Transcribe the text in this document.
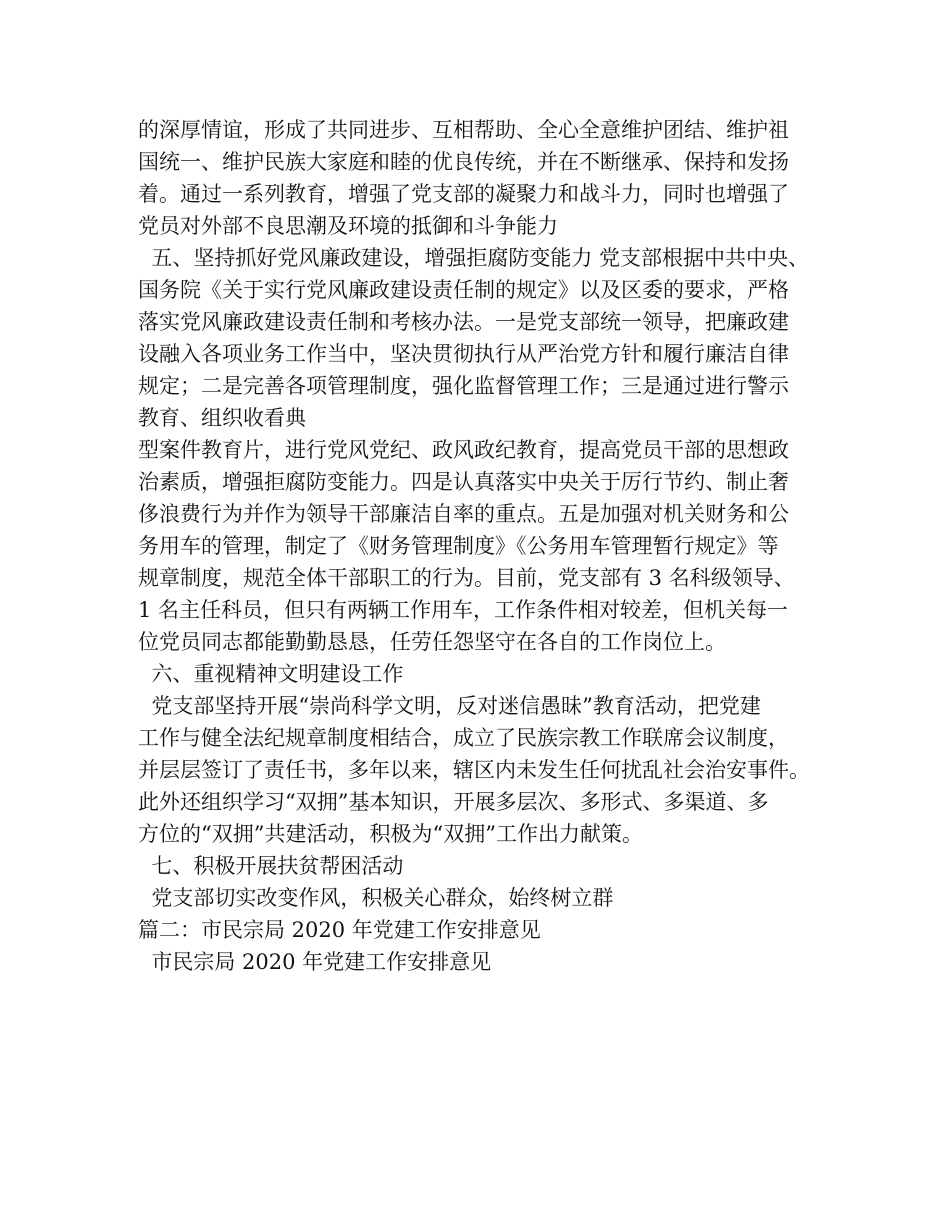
的深厚情谊，形成了共同进步、互相帮助、全心全意维护团结、维护祖
国统一、维护民族大家庭和睦的优良传统，并在不断继承、保持和发扬
着。通过一系列教育，增强了党支部的凝聚力和战斗力，同时也增强了
党员对外部不良思潮及环境的抵御和斗争能力
五、坚持抓好党风廉政建设，增强拒腐防变能力 党支部根据中共中央、
国务院《关于实行党风廉政建设责任制的规定》以及区委的要求，严格
落实党风廉政建设责任制和考核办法。一是党支部统一领导，把廉政建
设融入各项业务工作当中，坚决贯彻执行从严治党方针和履行廉洁自律
规定；二是完善各项管理制度，强化监督管理工作；三是通过进行警示
教育、组织收看典
型案件教育片，进行党风党纪、政风政纪教育，提高党员干部的思想政
治素质，增强拒腐防变能力。四是认真落实中央关于厉行节约、制止奢
侈浪费行为并作为领导干部廉洁自率的重点。五是加强对机关财务和公
务用车的管理，制定了《财务管理制度》《公务用车管理暂行规定》等
规章制度，规范全体干部职工的行为。目前，党支部有 3 名科级领导、
1 名主任科员，但只有两辆工作用车，工作条件相对较差，但机关每一
位党员同志都能勤勤恳恳，任劳任怨坚守在各自的工作岗位上。
六、重视精神文明建设工作
党支部坚持开展“崇尚科学文明，反对迷信愚昧”教育活动，把党建
工作与健全法纪规章制度相结合，成立了民族宗教工作联席会议制度，
并层层签订了责任书，多年以来，辖区内未发生任何扰乱社会治安事件。
此外还组织学习“双拥”基本知识，开展多层次、多形式、多渠道、多
方位的“双拥”共建活动，积极为“双拥”工作出力献策。
七、积极开展扶贫帮困活动
党支部切实改变作风，积极关心群众，始终树立群
篇二：市民宗局 2020 年党建工作安排意见
市民宗局 2020 年党建工作安排意见
